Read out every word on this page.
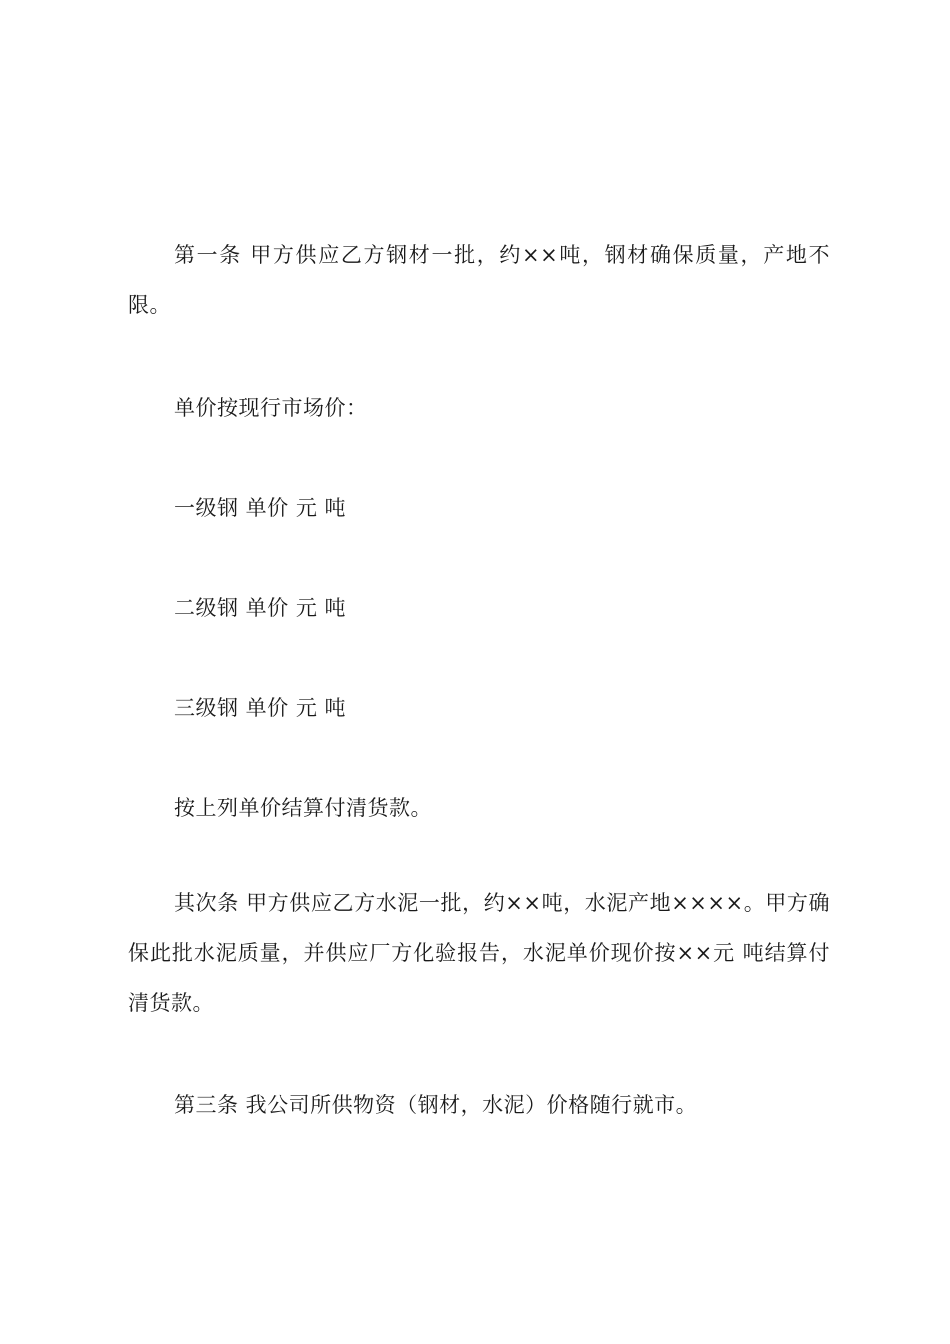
第一条 甲方供应乙方钢材一批，约××吨，钢材确保质量，产地不限。

单价按现行市场价：

一级钢 单价 元 吨

二级钢 单价 元 吨

三级钢 单价 元 吨

按上列单价结算付清货款。

其次条 甲方供应乙方水泥一批，约××吨，水泥产地××××。甲方确保此批水泥质量，并供应厂方化验报告，水泥单价现价按××元 吨结算付清货款。

第三条 我公司所供物资（钢材，水泥）价格随行就市。
